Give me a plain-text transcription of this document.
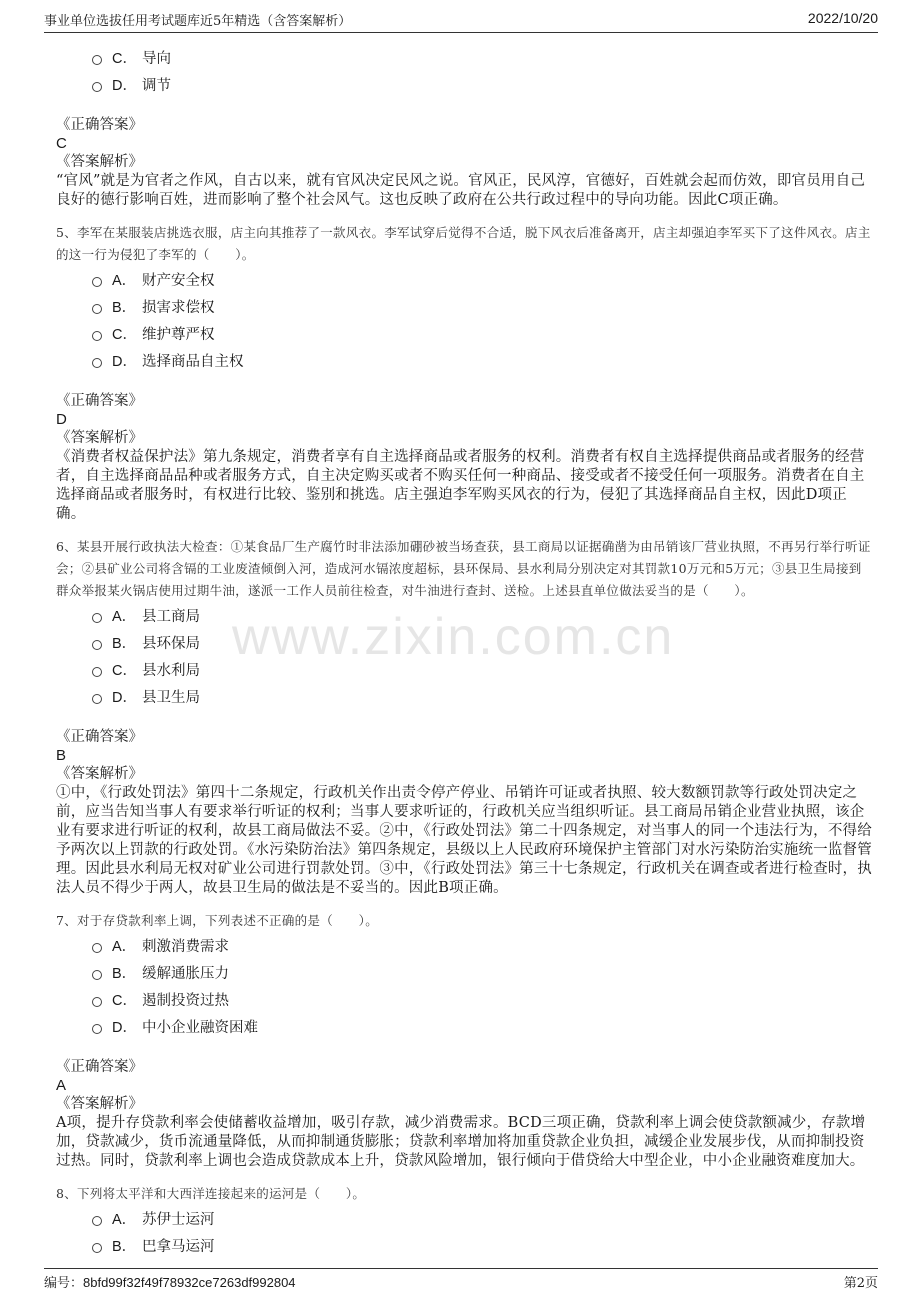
事业单位选拔任用考试题库近5年精选（含答案解析）	2022/10/20
www.zixin.com.cn
C． 导向
D． 调节
《正确答案》
C
《答案解析》
“官风”就是为官者之作风，自古以来，就有官风决定民风之说。官风正，民风淳，官德好，百姓就会起而仿效，即官员用自己良好的德行影响百姓，进而影响了整个社会风气。这也反映了政府在公共行政过程中的导向功能。因此C项正确。
5、李军在某服装店挑选衣服，店主向其推荐了一款风衣。李军试穿后觉得不合适，脱下风衣后准备离开，店主却强迫李军买下了这件风衣。店主的这一行为侵犯了李军的（　　）。
A． 财产安全权
B． 损害求偿权
C． 维护尊严权
D． 选择商品自主权
《正确答案》
D
《答案解析》
《消费者权益保护法》第九条规定，消费者享有自主选择商品或者服务的权利。消费者有权自主选择提供商品或者服务的经营者，自主选择商品品种或者服务方式，自主决定购买或者不购买任何一种商品、接受或者不接受任何一项服务。消费者在自主选择商品或者服务时，有权进行比较、鉴别和挑选。店主强迫李军购买风衣的行为，侵犯了其选择商品自主权，因此D项正确。
6、某县开展行政执法大检查：①某食品厂生产腐竹时非法添加硼砂被当场查获，县工商局以证据确凿为由吊销该厂营业执照，不再另行举行听证会；②县矿业公司将含镉的工业废渣倾倒入河，造成河水镉浓度超标，县环保局、县水利局分别决定对其罚款10万元和5万元；③县卫生局接到群众举报某火锅店使用过期牛油，遂派一工作人员前往检查，对牛油进行查封、送检。上述县直单位做法妥当的是（　　）。
A． 县工商局
B． 县环保局
C． 县水利局
D． 县卫生局
《正确答案》
B
《答案解析》
①中，《行政处罚法》第四十二条规定，行政机关作出责令停产停业、吊销许可证或者执照、较大数额罚款等行政处罚决定之前，应当告知当事人有要求举行听证的权利；当事人要求听证的，行政机关应当组织听证。县工商局吊销企业营业执照，该企业有要求进行听证的权利，故县工商局做法不妥。②中，《行政处罚法》第二十四条规定，对当事人的同一个违法行为，不得给予两次以上罚款的行政处罚。《水污染防治法》第四条规定，县级以上人民政府环境保护主管部门对水污染防治实施统一监督管理。因此县水利局无权对矿业公司进行罚款处罚。③中，《行政处罚法》第三十七条规定，行政机关在调查或者进行检查时，执法人员不得少于两人，故县卫生局的做法是不妥当的。因此B项正确。
7、对于存贷款利率上调，下列表述不正确的是（　　）。
A． 刺激消费需求
B． 缓解通胀压力
C． 遏制投资过热
D． 中小企业融资困难
《正确答案》
A
《答案解析》
A项，提升存贷款利率会使储蓄收益增加，吸引存款，减少消费需求。BCD三项正确，贷款利率上调会使贷款额减少，存款增加，贷款减少，货币流通量降低，从而抑制通货膨胀；贷款利率增加将加重贷款企业负担，减缓企业发展步伐，从而抑制投资过热。同时，贷款利率上调也会造成贷款成本上升，贷款风险增加，银行倾向于借贷给大中型企业，中小企业融资难度加大。
8、下列将太平洋和大西洋连接起来的运河是（　　）。
A． 苏伊士运河
B． 巴拿马运河
编号：8bfd99f32f49f78932ce7263df992804	第2页
